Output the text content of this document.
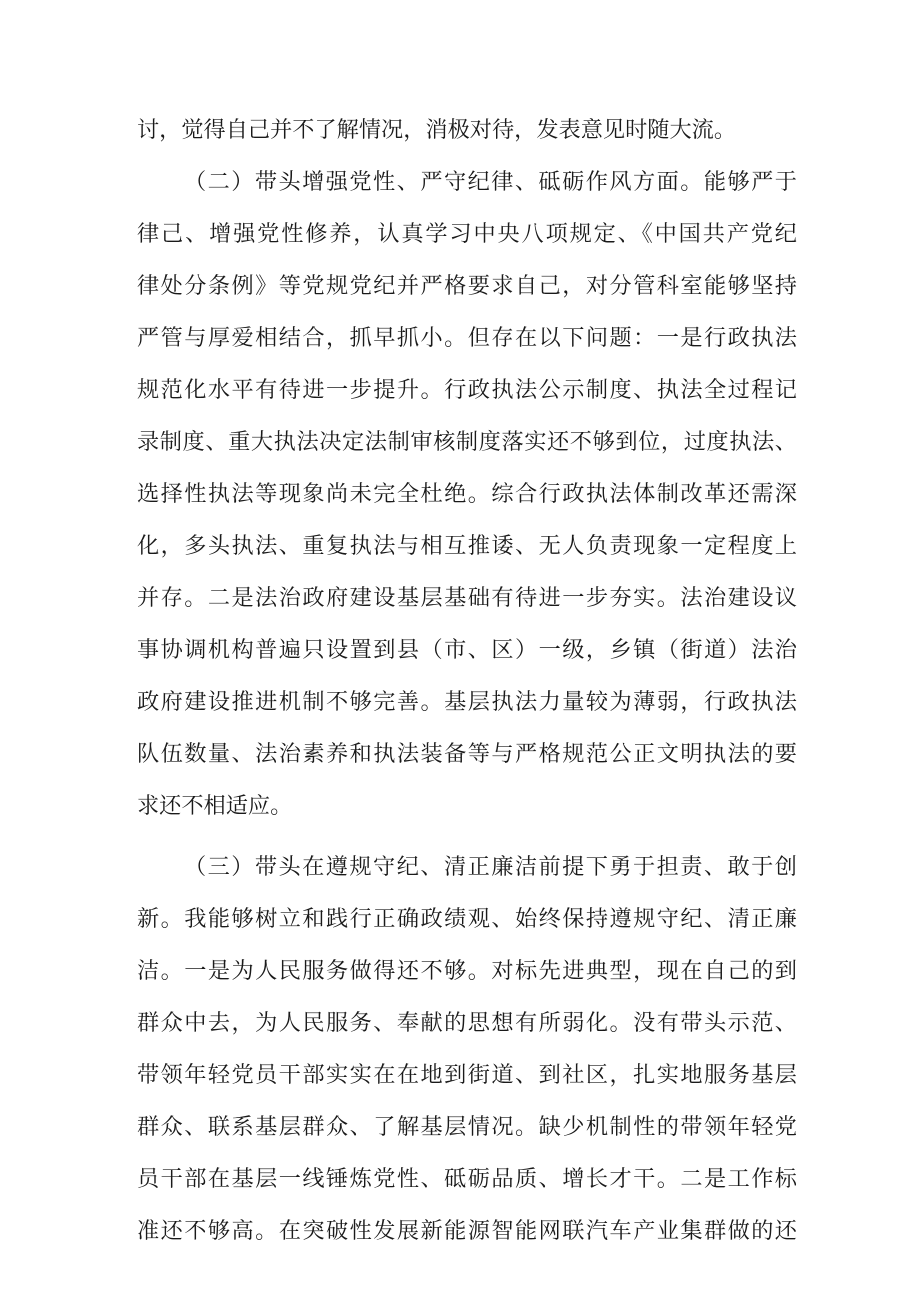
讨，觉得自己并不了解情况，消极对待，发表意见时随大流。

（二）带头增强党性、严守纪律、砥砺作风方面。能够严于

律己、增强党性修养，认真学习中央八项规定、《中国共产党纪

律处分条例》等党规党纪并严格要求自己，对分管科室能够坚持

严管与厚爱相结合，抓早抓小。但存在以下问题：一是行政执法

规范化水平有待进一步提升。行政执法公示制度、执法全过程记

录制度、重大执法决定法制审核制度落实还不够到位，过度执法、

选择性执法等现象尚未完全杜绝。综合行政执法体制改革还需深

化，多头执法、重复执法与相互推诿、无人负责现象一定程度上

并存。二是法治政府建设基层基础有待进一步夯实。法治建设议

事协调机构普遍只设置到县（市、区）一级，乡镇（街道）法治

政府建设推进机制不够完善。基层执法力量较为薄弱，行政执法

队伍数量、法治素养和执法装备等与严格规范公正文明执法的要

求还不相适应。

（三）带头在遵规守纪、清正廉洁前提下勇于担责、敢于创

新。我能够树立和践行正确政绩观、始终保持遵规守纪、清正廉

洁。一是为人民服务做得还不够。对标先进典型，现在自己的到

群众中去，为人民服务、奉献的思想有所弱化。没有带头示范、

带领年轻党员干部实实在在地到街道、到社区，扎实地服务基层

群众、联系基层群众、了解基层情况。缺少机制性的带领年轻党

员干部在基层一线锤炼党性、砥砺品质、增长才干。二是工作标

准还不够高。在突破性发展新能源智能网联汽车产业集群做的还
